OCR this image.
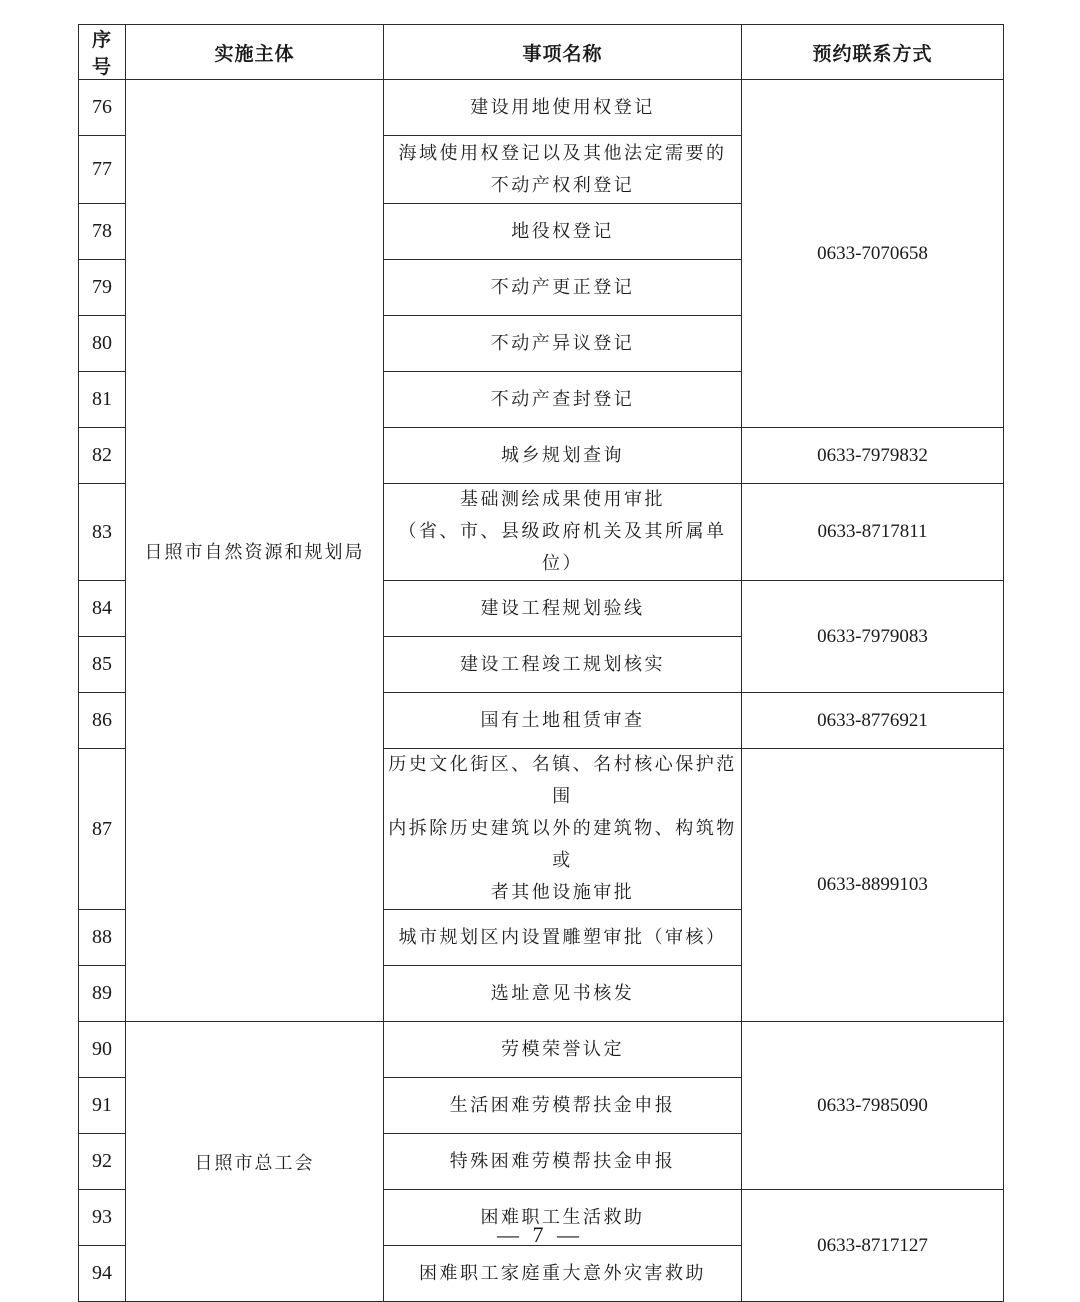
序号	实施主体	事项名称	预约联系方式
76	日照市自然资源和规划局	建设用地使用权登记	0633-7070658
77		海域使用权登记以及其他法定需要的
不动产权利登记	
78		地役权登记	
79		不动产更正登记	
80		不动产异议登记	
81		不动产查封登记	
82		城乡规划查询	0633-7979832
83		基础测绘成果使用审批
（省、市、县级政府机关及其所属单位）	0633-8717811
84		建设工程规划验线	0633-7979083
85		建设工程竣工规划核实	
86		国有土地租赁审查	0633-8776921
87		历史文化街区、名镇、名村核心保护范围
内拆除历史建筑以外的建筑物、构筑物或
者其他设施审批	0633-8899103
88		城市规划区内设置雕塑审批（审核）	
89		选址意见书核发	
90	日照市总工会	劳模荣誉认定	0633-7985090
91		生活困难劳模帮扶金申报	
92		特殊困难劳模帮扶金申报	
93		困难职工生活救助	0633-8717127
94		困难职工家庭重大意外灾害救助	
— 7 —
